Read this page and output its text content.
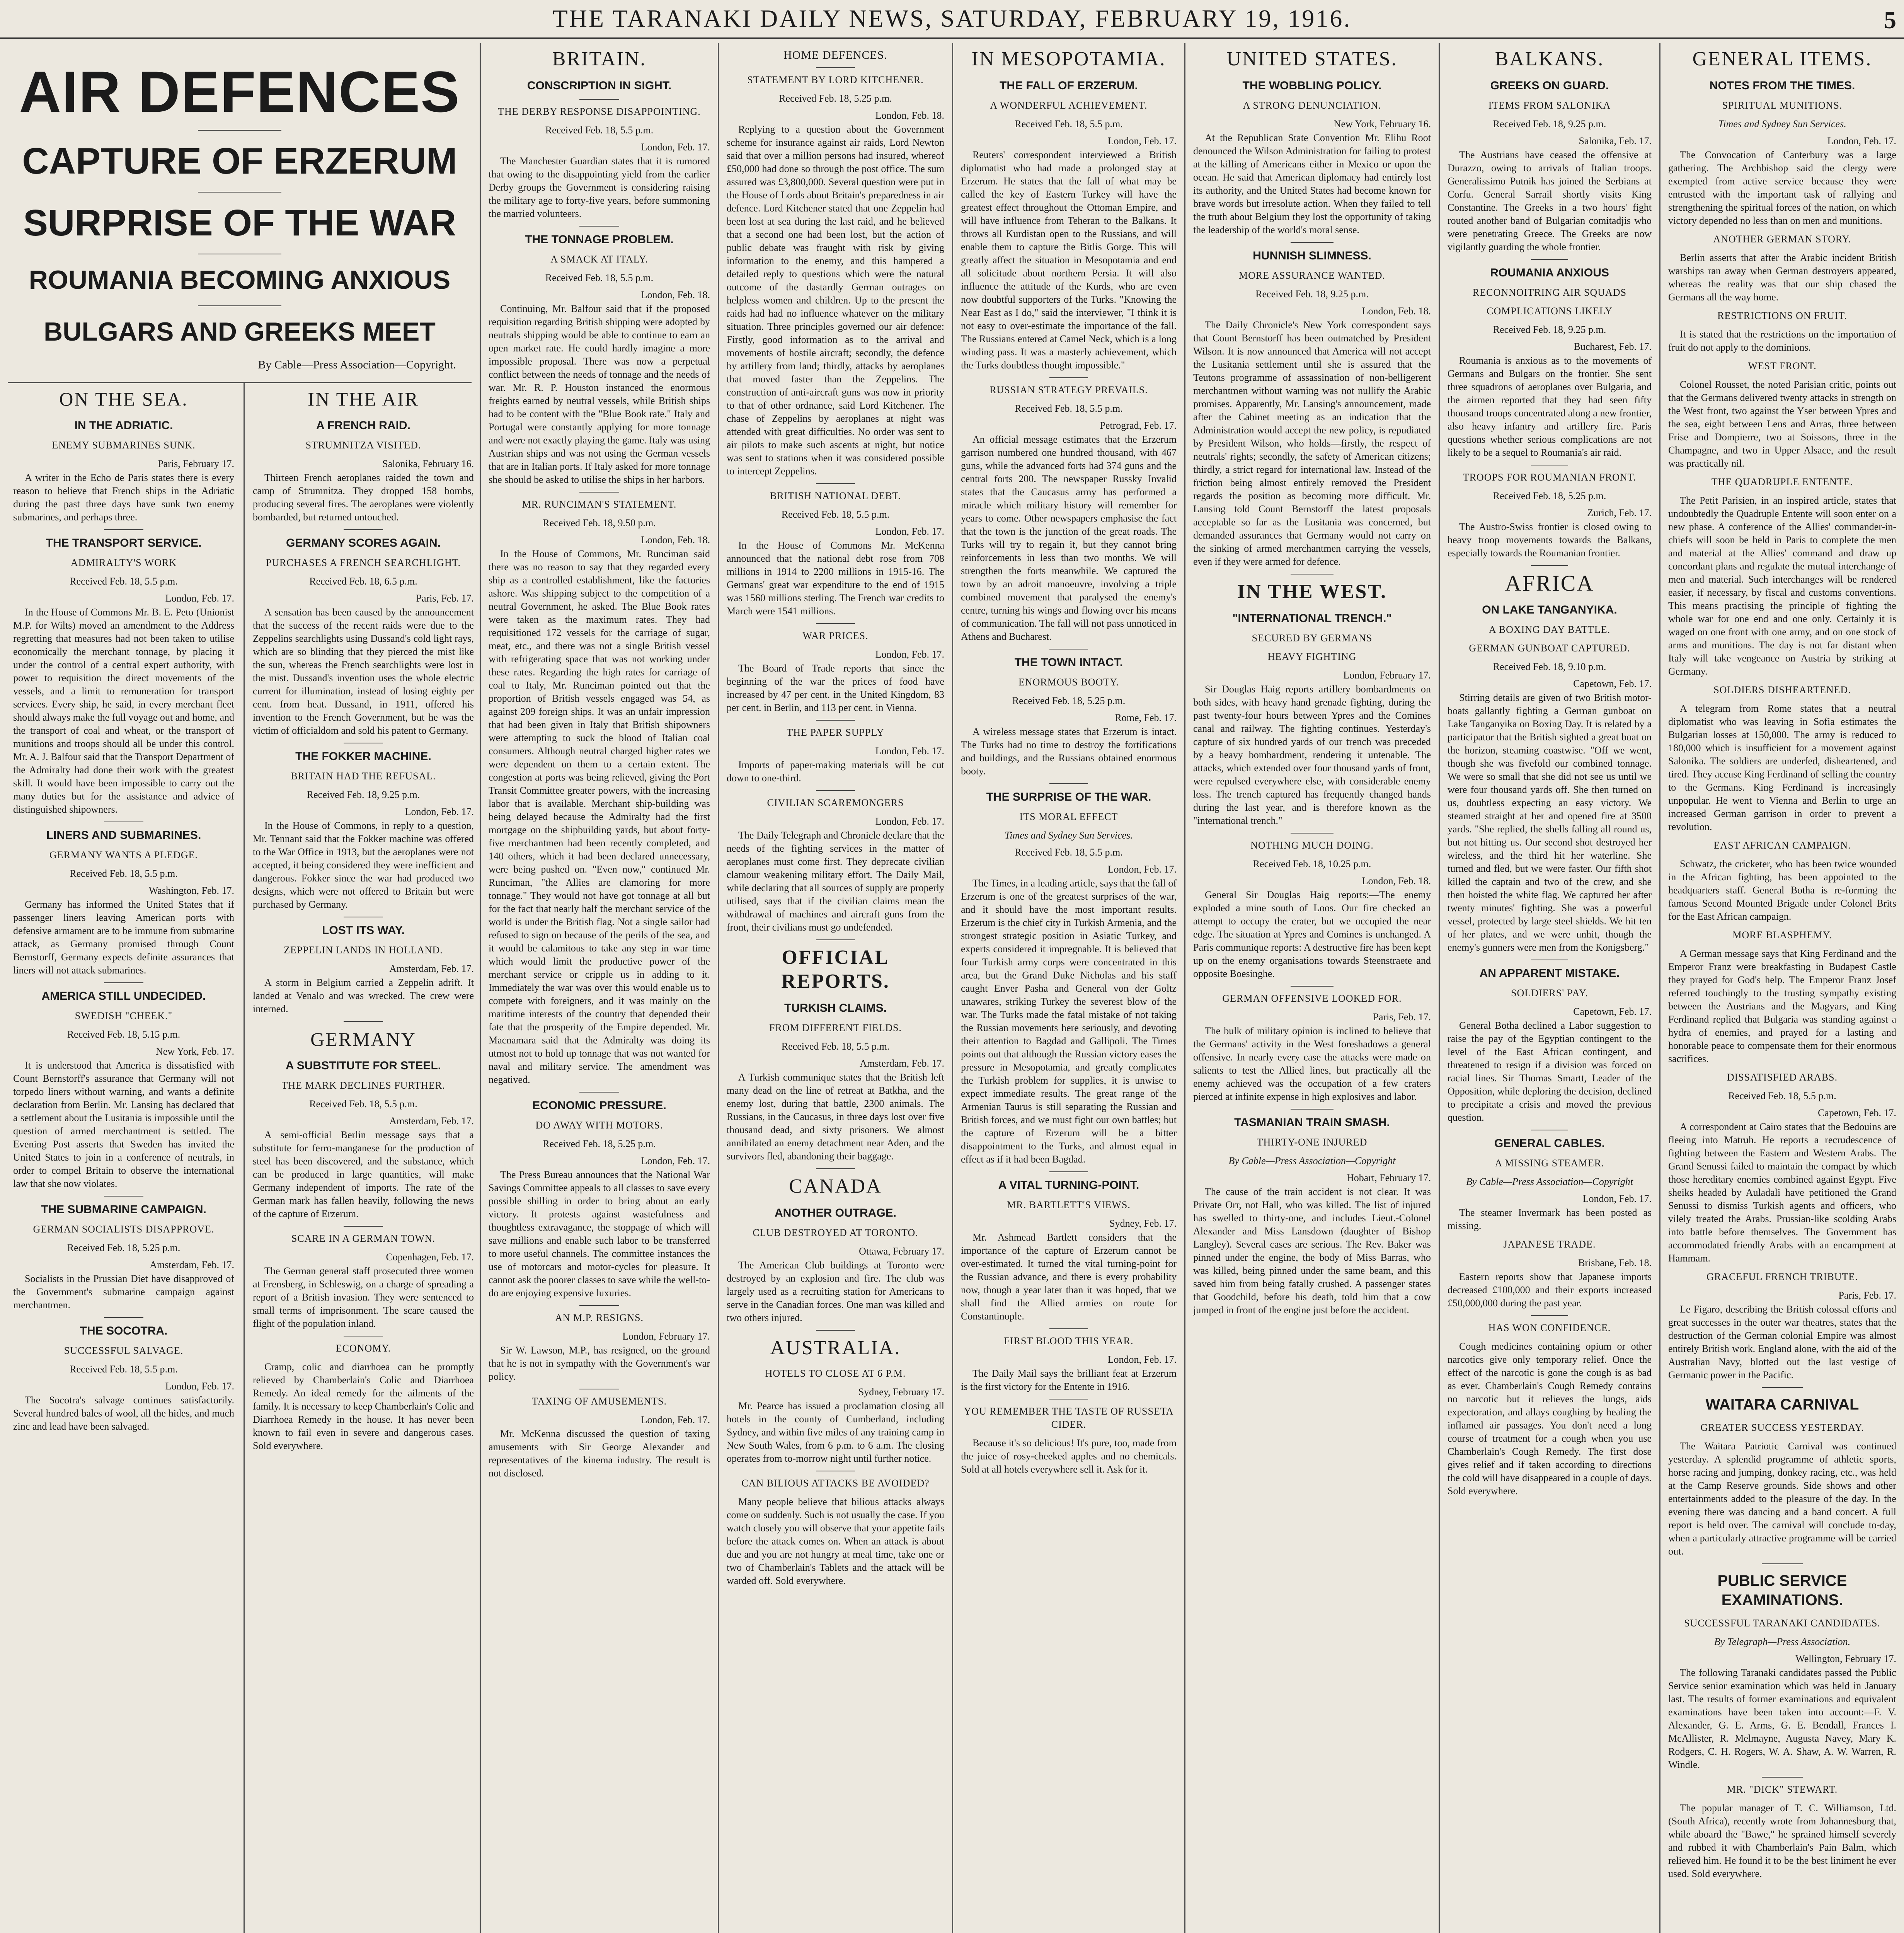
THE TARANAKI DAILY NEWS, SATURDAY, FEBRUARY 19, 1916.	5
AIR DEFENCES
CAPTURE OF ERZERUM
SURPRISE OF THE WAR
ROUMANIA BECOMING ANXIOUS
BULGARS AND GREEKS MEET
By Cable—Press Association—Copyright.
ON THE SEA.
IN THE ADRIATIC.
ENEMY SUBMARINES SUNK.
Paris, February 17.

A writer in the Echo de Paris states there is every reason to believe that French ships in the Adriatic during the past three days have sunk two enemy submarines, and perhaps three.

THE TRANSPORT SERVICE.
ADMIRALTY'S WORK
Received Feb. 18, 5.5 p.m.
London, Feb. 17.

In the House of Commons Mr. B. E. Peto (Unionist M.P. for Wilts) moved an amendment to the Address regretting that measures had not been taken to utilise economically the merchant tonnage, by placing it under the control of a central expert authority, with power to requisition the direct movements of the vessels, and a limit to remuneration for transport services. Every ship, he said, in every merchant fleet should always make the full voyage out and home, and the transport of coal and wheat, or the transport of munitions and troops should all be under this control. Mr. A. J. Balfour said that the Transport Department of the Admiralty had done their work with the greatest skill. It would have been impossible to carry out the many duties but for the assistance and advice of distinguished shipowners.

LINERS AND SUBMARINES.
GERMANY WANTS A PLEDGE.
Received Feb. 18, 5.5 p.m.
Washington, Feb. 17.

Germany has informed the United States that if passenger liners leaving American ports with defensive armament are to be immune from submarine attack, as Germany promised through Count Bernstorff, Germany expects definite assurances that liners will not attack submarines.

AMERICA STILL UNDECIDED.
SWEDISH "CHEEK."
Received Feb. 18, 5.15 p.m.
New York, Feb. 17.

It is understood that America is dissatisfied with Count Bernstorff's assurance that Germany will not torpedo liners without warning, and wants a definite declaration from Berlin. Mr. Lansing has declared that a settlement about the Lusitania is impossible until the question of armed merchantment is settled. The Evening Post asserts that Sweden has invited the United States to join in a conference of neutrals, in order to compel Britain to observe the international law that she now violates.

THE SUBMARINE CAMPAIGN.
GERMAN SOCIALISTS DISAPPROVE.
Received Feb. 18, 5.25 p.m.
Amsterdam, Feb. 17.

Socialists in the Prussian Diet have disapproved of the Government's submarine campaign against merchantmen.

THE SOCOTRA.
SUCCESSFUL SALVAGE.
Received Feb. 18, 5.5 p.m.
London, Feb. 17.

The Socotra's salvage continues satisfactorily. Several hundred bales of wool, all the hides, and much zinc and lead have been salvaged.

IN THE AIR
A FRENCH RAID.
STRUMNITZA VISITED.
Salonika, February 16.

Thirteen French aeroplanes raided the town and camp of Strumnitza. They dropped 158 bombs, producing several fires. The aeroplanes were violently bombarded, but returned untouched.

GERMANY SCORES AGAIN.
PURCHASES A FRENCH SEARCHLIGHT.
Received Feb. 18, 6.5 p.m.
Paris, Feb. 17.

A sensation has been caused by the announcement that the success of the recent raids were due to the Zeppelins searchlights using Dussand's cold light rays, which are so blinding that they pierced the mist like the sun, whereas the French searchlights were lost in the mist. Dussand's invention uses the whole electric current for illumination, instead of losing eighty per cent. from heat. Dussand, in 1911, offered his invention to the French Government, but he was the victim of officialdom and sold his patent to Germany.

THE FOKKER MACHINE.
BRITAIN HAD THE REFUSAL.
Received Feb. 18, 9.25 p.m.
London, Feb. 17.

In the House of Commons, in reply to a question, Mr. Tennant said that the Fokker machine was offered to the War Office in 1913, but the aeroplanes were not accepted, it being considered they were inefficient and dangerous. Fokker since the war had produced two designs, which were not offered to Britain but were purchased by Germany.

LOST ITS WAY.
ZEPPELIN LANDS IN HOLLAND.
Amsterdam, Feb. 17.

A storm in Belgium carried a Zeppelin adrift. It landed at Venalo and was wrecked. The crew were interned.

GERMANY
A SUBSTITUTE FOR STEEL.
THE MARK DECLINES FURTHER.
Received Feb. 18, 5.5 p.m.
Amsterdam, Feb. 17.

A semi-official Berlin message says that a substitute for ferro-manganese for the production of steel has been discovered, and the substance, which can be produced in large quantities, will make Germany independent of imports. The rate of the German mark has fallen heavily, following the news of the capture of Erzerum.

SCARE IN A GERMAN TOWN.
Copenhagen, Feb. 17.

The German general staff prosecuted three women at Frensberg, in Schleswig, on a charge of spreading a report of a British invasion. They were sentenced to small terms of imprisonment. The scare caused the flight of the population inland.

ECONOMY.

Cramp, colic and diarrhoea can be promptly relieved by Chamberlain's Colic and Diarrhoea Remedy. An ideal remedy for the ailments of the family. It is necessary to keep Chamberlain's Colic and Diarrhoea Remedy in the house. It has never been known to fail even in severe and dangerous cases. Sold everywhere.

BRITAIN.
CONSCRIPTION IN SIGHT.
THE DERBY RESPONSE DISAPPOINTING.
Received Feb. 18, 5.5 p.m.
London, Feb. 17.

The Manchester Guardian states that it is rumored that owing to the disappointing yield from the earlier Derby groups the Government is considering raising the military age to forty-five years, before summoning the married volunteers.

THE TONNAGE PROBLEM.
A SMACK AT ITALY.
Received Feb. 18, 5.5 p.m.
London, Feb. 18.

Continuing, Mr. Balfour said that if the proposed requisition regarding British shipping were adopted by neutrals shipping would be able to continue to earn an open market rate. He could hardly imagine a more impossible proposal. There was now a perpetual conflict between the needs of tonnage and the needs of war. Mr. R. P. Houston instanced the enormous freights earned by neutral vessels, while British ships had to be content with the "Blue Book rate." Italy and Portugal were constantly applying for more tonnage and were not exactly playing the game. Italy was using Austrian ships and was not using the German vessels that are in Italian ports. If Italy asked for more tonnage she should be asked to utilise the ships in her harbors.

MR. RUNCIMAN'S STATEMENT.
Received Feb. 18, 9.50 p.m.
London, Feb. 18.

In the House of Commons, Mr. Runciman said there was no reason to say that they regarded every ship as a controlled establishment, like the factories ashore. Was shipping subject to the competition of a neutral Government, he asked. The Blue Book rates were taken as the maximum rates. They had requisitioned 172 vessels for the carriage of sugar, meat, etc., and there was not a single British vessel with refrigerating space that was not working under these rates. Regarding the high rates for carriage of coal to Italy, Mr. Runciman pointed out that the proportion of British vessels engaged was 54, as against 209 foreign ships. It was an unfair impression that had been given in Italy that British shipowners were attempting to suck the blood of Italian coal consumers. Although neutral charged higher rates we were dependent on them to a certain extent. The congestion at ports was being relieved, giving the Port Transit Committee greater powers, with the increasing labor that is available. Merchant ship-building was being delayed because the Admiralty had the first mortgage on the shipbuilding yards, but about forty-five merchantmen had been recently completed, and 140 others, which it had been declared unnecessary, were being pushed on. "Even now," continued Mr. Runciman, "the Allies are clamoring for more tonnage." They would not have got tonnage at all but for the fact that nearly half the merchant service of the world is under the British flag. Not a single sailor had refused to sign on because of the perils of the sea, and it would be calamitous to take any step in war time which would limit the productive power of the merchant service or cripple us in adding to it. Immediately the war was over this would enable us to compete with foreigners, and it was mainly on the maritime interests of the country that depended their fate that the prosperity of the Empire depended. Mr. Macnamara said that the Admiralty was doing its utmost not to hold up tonnage that was not wanted for naval and military service. The amendment was negatived.

ECONOMIC PRESSURE.
DO AWAY WITH MOTORS.
Received Feb. 18, 5.25 p.m.
London, Feb. 17.

The Press Bureau announces that the National War Savings Committee appeals to all classes to save every possible shilling in order to bring about an early victory. It protests against wastefulness and thoughtless extravagance, the stoppage of which will save millions and enable such labor to be transferred to more useful channels. The committee instances the use of motorcars and motor-cycles for pleasure. It cannot ask the poorer classes to save while the well-to-do are enjoying expensive luxuries.

AN M.P. RESIGNS.
London, February 17.

Sir W. Lawson, M.P., has resigned, on the ground that he is not in sympathy with the Government's war policy.

TAXING OF AMUSEMENTS.
London, Feb. 17.

Mr. McKenna discussed the question of taxing amusements with Sir George Alexander and representatives of the kinema industry. The result is not disclosed.

HOME DEFENCES.
STATEMENT BY LORD KITCHENER.
Received Feb. 18, 5.25 p.m.
London, Feb. 18.

Replying to a question about the Government scheme for insurance against air raids, Lord Newton said that over a million persons had insured, whereof £50,000 had done so through the post office. The sum assured was £3,800,000. Several question were put in the House of Lords about Britain's preparedness in air defence. Lord Kitchener stated that one Zeppelin had been lost at sea during the last raid, and he believed that a second one had been lost, but the action of public debate was fraught with risk by giving information to the enemy, and this hampered a detailed reply to questions which were the natural outcome of the dastardly German outrages on helpless women and children. Up to the present the raids had had no influence whatever on the military situation. Three principles governed our air defence: Firstly, good information as to the arrival and movements of hostile aircraft; secondly, the defence by artillery from land; thirdly, attacks by aeroplanes that moved faster than the Zeppelins. The construction of anti-aircraft guns was now in priority to that of other ordnance, said Lord Kitchener. The chase of Zeppelins by aeroplanes at night was attended with great difficulties. No order was sent to air pilots to make such ascents at night, but notice was sent to stations when it was considered possible to intercept Zeppelins.

BRITISH NATIONAL DEBT.
Received Feb. 18, 5.5 p.m.
London, Feb. 17.

In the House of Commons Mr. McKenna announced that the national debt rose from 708 millions in 1914 to 2200 millions in 1915-16. The Germans' great war expenditure to the end of 1915 was 1560 millions sterling. The French war credits to March were 1541 millions.

WAR PRICES.
London, Feb. 17.

The Board of Trade reports that since the beginning of the war the prices of food have increased by 47 per cent. in the United Kingdom, 83 per cent. in Berlin, and 113 per cent. in Vienna.

THE PAPER SUPPLY
London, Feb. 17.

Imports of paper-making materials will be cut down to one-third.

CIVILIAN SCAREMONGERS
London, Feb. 17.

The Daily Telegraph and Chronicle declare that the needs of the fighting services in the matter of aeroplanes must come first. They deprecate civilian clamour weakening military effort. The Daily Mail, while declaring that all sources of supply are properly utilised, says that if the civilian claims mean the withdrawal of machines and aircraft guns from the front, their civilians must go undefended.

OFFICIAL REPORTS.
TURKISH CLAIMS.
FROM DIFFERENT FIELDS.
Received Feb. 18, 5.5 p.m.
Amsterdam, Feb. 17.

A Turkish communique states that the British left many dead on the line of retreat at Batkha, and the enemy lost, during that battle, 2300 animals. The Russians, in the Caucasus, in three days lost over five thousand dead, and sixty prisoners. We almost annihilated an enemy detachment near Aden, and the survivors fled, abandoning their baggage.

CANADA
ANOTHER OUTRAGE.
CLUB DESTROYED AT TORONTO.
Ottawa, February 17.

The American Club buildings at Toronto were destroyed by an explosion and fire. The club was largely used as a recruiting station for Americans to serve in the Canadian forces. One man was killed and two others injured.

AUSTRALIA.
HOTELS TO CLOSE AT 6 P.M.
Sydney, February 17.

Mr. Pearce has issued a proclamation closing all hotels in the county of Cumberland, including Sydney, and within five miles of any training camp in New South Wales, from 6 p.m. to 6 a.m. The closing operates from to-morrow night until further notice.

CAN BILIOUS ATTACKS BE AVOIDED?

Many people believe that bilious attacks always come on suddenly. Such is not usually the case. If you watch closely you will observe that your appetite fails before the attack comes on. When an attack is about due and you are not hungry at meal time, take one or two of Chamberlain's Tablets and the attack will be warded off. Sold everywhere.

IN MESOPOTAMIA.
THE FALL OF ERZERUM.
A WONDERFUL ACHIEVEMENT.
Received Feb. 18, 5.5 p.m.
London, Feb. 17.

Reuters' correspondent interviewed a British diplomatist who had made a prolonged stay at Erzerum. He states that the fall of what may be called the key of Eastern Turkey will have the greatest effect throughout the Ottoman Empire, and will have influence from Teheran to the Balkans. It throws all Kurdistan open to the Russians, and will enable them to capture the Bitlis Gorge. This will greatly affect the situation in Mesopotamia and end all solicitude about northern Persia. It will also influence the attitude of the Kurds, who are even now doubtful supporters of the Turks. "Knowing the Near East as I do," said the interviewer, "I think it is not easy to over-estimate the importance of the fall. The Russians entered at Camel Neck, which is a long winding pass. It was a masterly achievement, which the Turks doubtless thought impossible."

RUSSIAN STRATEGY PREVAILS.
Received Feb. 18, 5.5 p.m.
Petrograd, Feb. 17.

An official message estimates that the Erzerum garrison numbered one hundred thousand, with 467 guns, while the advanced forts had 374 guns and the central forts 200. The newspaper Russky Invalid states that the Caucasus army has performed a miracle which military history will remember for years to come. Other newspapers emphasise the fact that the town is the junction of the great roads. The Turks will try to regain it, but they cannot bring reinforcements in less than two months. We will strengthen the forts meanwhile. We captured the town by an adroit manoeuvre, involving a triple combined movement that paralysed the enemy's centre, turning his wings and flowing over his means of communication. The fall will not pass unnoticed in Athens and Bucharest.

THE TOWN INTACT.
ENORMOUS BOOTY.
Received Feb. 18, 5.25 p.m.
Rome, Feb. 17.

A wireless message states that Erzerum is intact. The Turks had no time to destroy the fortifications and buildings, and the Russians obtained enormous booty.

THE SURPRISE OF THE WAR.
ITS MORAL EFFECT
Times and Sydney Sun Services.
Received Feb. 18, 5.5 p.m.
London, Feb. 17.

The Times, in a leading article, says that the fall of Erzerum is one of the greatest surprises of the war, and it should have the most important results. Erzerum is the chief city in Turkish Armenia, and the strongest strategic position in Asiatic Turkey, and experts considered it impregnable. It is believed that four Turkish army corps were concentrated in this area, but the Grand Duke Nicholas and his staff caught Enver Pasha and General von der Goltz unawares, striking Turkey the severest blow of the war. The Turks made the fatal mistake of not taking the Russian movements here seriously, and devoting their attention to Bagdad and Gallipoli. The Times points out that although the Russian victory eases the pressure in Mesopotamia, and greatly complicates the Turkish problem for supplies, it is unwise to expect immediate results. The great range of the Armenian Taurus is still separating the Russian and British forces, and we must fight our own battles; but the capture of Erzerum will be a bitter disappointment to the Turks, and almost equal in effect as if it had been Bagdad.

A VITAL TURNING-POINT.
MR. BARTLETT'S VIEWS.
Sydney, Feb. 17.

Mr. Ashmead Bartlett considers that the importance of the capture of Erzerum cannot be over-estimated. It turned the vital turning-point for the Russian advance, and there is every probability now, though a year later than it was hoped, that we shall find the Allied armies on route for Constantinople.

FIRST BLOOD THIS YEAR.
London, Feb. 17.

The Daily Mail says the brilliant feat at Erzerum is the first victory for the Entente in 1916.

YOU REMEMBER THE TASTE OF RUSSETA CIDER.

Because it's so delicious! It's pure, too, made from the juice of rosy-cheeked apples and no chemicals. Sold at all hotels everywhere sell it. Ask for it.

UNITED STATES.
THE WOBBLING POLICY.
A STRONG DENUNCIATION.
New York, February 16.

At the Republican State Convention Mr. Elihu Root denounced the Wilson Administration for failing to protest at the killing of Americans either in Mexico or upon the ocean. He said that American diplomacy had entirely lost its authority, and the United States had become known for brave words but irresolute action. When they failed to tell the truth about Belgium they lost the opportunity of taking the leadership of the world's moral sense.

HUNNISH SLIMNESS.
MORE ASSURANCE WANTED.
Received Feb. 18, 9.25 p.m.
London, Feb. 18.

The Daily Chronicle's New York correspondent says that Count Bernstorff has been outmatched by President Wilson. It is now announced that America will not accept the Lusitania settlement until she is assured that the Teutons programme of assassination of non-belligerent merchantmen without warning was not nullify the Arabic promises. Apparently, Mr. Lansing's announcement, made after the Cabinet meeting as an indication that the Administration would accept the new policy, is repudiated by President Wilson, who holds—firstly, the respect of neutrals' rights; secondly, the safety of American citizens; thirdly, a strict regard for international law. Instead of the friction being almost entirely removed the President regards the position as becoming more difficult. Mr. Lansing told Count Bernstorff the latest proposals acceptable so far as the Lusitania was concerned, but demanded assurances that Germany would not carry on the sinking of armed merchantmen carrying the vessels, even if they were armed for defence.

IN THE WEST.
"INTERNATIONAL TRENCH."
SECURED BY GERMANS
HEAVY FIGHTING
London, February 17.

Sir Douglas Haig reports artillery bombardments on both sides, with heavy hand grenade fighting, during the past twenty-four hours between Ypres and the Comines canal and railway. The fighting continues. Yesterday's capture of six hundred yards of our trench was preceded by a heavy bombardment, rendering it untenable. The attacks, which extended over four thousand yards of front, were repulsed everywhere else, with considerable enemy loss. The trench captured has frequently changed hands during the last year, and is therefore known as the "international trench."

NOTHING MUCH DOING.
Received Feb. 18, 10.25 p.m.
London, Feb. 18.

General Sir Douglas Haig reports:—The enemy exploded a mine south of Loos. Our fire checked an attempt to occupy the crater, but we occupied the near edge. The situation at Ypres and Comines is unchanged. A Paris communique reports: A destructive fire has been kept up on the enemy organisations towards Steenstraete and opposite Boesinghe.

GERMAN OFFENSIVE LOOKED FOR.
Paris, Feb. 17.

The bulk of military opinion is inclined to believe that the Germans' activity in the West foreshadows a general offensive. In nearly every case the attacks were made on salients to test the Allied lines, but practically all the enemy achieved was the occupation of a few craters pierced at infinite expense in high explosives and labor.

TASMANIAN TRAIN SMASH.
THIRTY-ONE INJURED
By Cable—Press Association—Copyright
Hobart, February 17.

The cause of the train accident is not clear. It was Private Orr, not Hall, who was killed. The list of injured has swelled to thirty-one, and includes Lieut.-Colonel Alexander and Miss Lansdown (daughter of Bishop Langley). Several cases are serious. The Rev. Baker was pinned under the engine, the body of Miss Barras, who was killed, being pinned under the same beam, and this saved him from being fatally crushed. A passenger states that Goodchild, before his death, told him that a cow jumped in front of the engine just before the accident.

BALKANS.
GREEKS ON GUARD.
ITEMS FROM SALONIKA
Received Feb. 18, 9.25 p.m.
Salonika, Feb. 17.

The Austrians have ceased the offensive at Durazzo, owing to arrivals of Italian troops. Generalissimo Putnik has joined the Serbians at Corfu. General Sarrail shortly visits King Constantine. The Greeks in a two hours' fight routed another band of Bulgarian comitadjis who were penetrating Greece. The Greeks are now vigilantly guarding the whole frontier.

ROUMANIA ANXIOUS
RECONNOITRING AIR SQUADS
COMPLICATIONS LIKELY
Received Feb. 18, 9.25 p.m.
Bucharest, Feb. 17.

Roumania is anxious as to the movements of Germans and Bulgars on the frontier. She sent three squadrons of aeroplanes over Bulgaria, and the airmen reported that they had seen fifty thousand troops concentrated along a new frontier, also heavy infantry and artillery fire. Paris questions whether serious complications are not likely to be a sequel to Roumania's air raid.

TROOPS FOR ROUMANIAN FRONT.
Received Feb. 18, 5.25 p.m.
Zurich, Feb. 17.

The Austro-Swiss frontier is closed owing to heavy troop movements towards the Balkans, especially towards the Roumanian frontier.

AFRICA
ON LAKE TANGANYIKA.
A BOXING DAY BATTLE.
GERMAN GUNBOAT CAPTURED.
Received Feb. 18, 9.10 p.m.
Capetown, Feb. 17.

Stirring details are given of two British motor-boats gallantly fighting a German gunboat on Lake Tanganyika on Boxing Day. It is related by a participator that the British sighted a great boat on the horizon, steaming coastwise. "Off we went, though she was fivefold our combined tonnage. We were so small that she did not see us until we were four thousand yards off. She then turned on us, doubtless expecting an easy victory. We steamed straight at her and opened fire at 3500 yards. "She replied, the shells falling all round us, but not hitting us. Our second shot destroyed her wireless, and the third hit her waterline. She turned and fled, but we were faster. Our fifth shot killed the captain and two of the crew, and she then hoisted the white flag. We captured her after twenty minutes' fighting. She was a powerful vessel, protected by large steel shields. We hit ten of her plates, and we were unhit, though the enemy's gunners were men from the Konigsberg."

AN APPARENT MISTAKE.
SOLDIERS' PAY.
Capetown, Feb. 17.

General Botha declined a Labor suggestion to raise the pay of the Egyptian contingent to the level of the East African contingent, and threatened to resign if a division was forced on racial lines. Sir Thomas Smartt, Leader of the Opposition, while deploring the decision, declined to precipitate a crisis and moved the previous question.

GENERAL CABLES.
A MISSING STEAMER.
By Cable—Press Association—Copyright
London, Feb. 17.

The steamer Invermark has been posted as missing.

JAPANESE TRADE.
Brisbane, Feb. 18.

Eastern reports show that Japanese imports decreased £100,000 and their exports increased £50,000,000 during the past year.

HAS WON CONFIDENCE.

Cough medicines containing opium or other narcotics give only temporary relief. Once the effect of the narcotic is gone the cough is as bad as ever. Chamberlain's Cough Remedy contains no narcotic but it relieves the lungs, aids expectoration, and allays coughing by healing the inflamed air passages. You don't need a long course of treatment for a cough when you use Chamberlain's Cough Remedy. The first dose gives relief and if taken according to directions the cold will have disappeared in a couple of days. Sold everywhere.

GENERAL ITEMS.
NOTES FROM THE TIMES.
SPIRITUAL MUNITIONS.
Times and Sydney Sun Services.
London, Feb. 17.

The Convocation of Canterbury was a large gathering. The Archbishop said the clergy were exempted from active service because they were entrusted with the important task of rallying and strengthening the spiritual forces of the nation, on which victory depended no less than on men and munitions.

ANOTHER GERMAN STORY.

Berlin asserts that after the Arabic incident British warships ran away when German destroyers appeared, whereas the reality was that our ship chased the Germans all the way home.

RESTRICTIONS ON FRUIT.

It is stated that the restrictions on the importation of fruit do not apply to the dominions.

WEST FRONT.

Colonel Rousset, the noted Parisian critic, points out that the Germans delivered twenty attacks in strength on the West front, two against the Yser between Ypres and the sea, eight between Lens and Arras, three between Frise and Dompierre, two at Soissons, three in the Champagne, and two in Upper Alsace, and the result was practically nil.

THE QUADRUPLE ENTENTE.

The Petit Parisien, in an inspired article, states that undoubtedly the Quadruple Entente will soon enter on a new phase. A conference of the Allies' commander-in-chiefs will soon be held in Paris to complete the men and material at the Allies' command and draw up concordant plans and regulate the mutual interchange of men and material. Such interchanges will be rendered easier, if necessary, by fiscal and customs conventions. This means practising the principle of fighting the whole war for one end and one only. Certainly it is waged on one front with one army, and on one stock of arms and munitions. The day is not far distant when Italy will take vengeance on Austria by striking at Germany.

SOLDIERS DISHEARTENED.

A telegram from Rome states that a neutral diplomatist who was leaving in Sofia estimates the Bulgarian losses at 150,000. The army is reduced to 180,000 which is insufficient for a movement against Salonika. The soldiers are underfed, disheartened, and tired. They accuse King Ferdinand of selling the country to the Germans. King Ferdinand is increasingly unpopular. He went to Vienna and Berlin to urge an increased German garrison in order to prevent a revolution.

EAST AFRICAN CAMPAIGN.

Schwatz, the cricketer, who has been twice wounded in the African fighting, has been appointed to the headquarters staff. General Botha is re-forming the famous Second Mounted Brigade under Colonel Brits for the East African campaign.

MORE BLASPHEMY.

A German message says that King Ferdinand and the Emperor Franz were breakfasting in Budapest Castle they prayed for God's help. The Emperor Franz Josef referred touchingly to the trusting sympathy existing between the Austrians and the Magyars, and King Ferdinand replied that Bulgaria was standing against a hydra of enemies, and prayed for a lasting and honorable peace to compensate them for their enormous sacrifices.

DISSATISFIED ARABS.
Received Feb. 18, 5.5 p.m.
Capetown, Feb. 17.

A correspondent at Cairo states that the Bedouins are fleeing into Matruh. He reports a recrudescence of fighting between the Eastern and Western Arabs. The Grand Senussi failed to maintain the compact by which those hereditary enemies combined against Egypt. Five sheiks headed by Auladali have petitioned the Grand Senussi to dismiss Turkish agents and officers, who vilely treated the Arabs. Prussian-like scolding Arabs into battle before themselves. The Government has accommodated friendly Arabs with an encampment at Hammam.

GRACEFUL FRENCH TRIBUTE.
Paris, Feb. 17.

Le Figaro, describing the British colossal efforts and great successes in the outer war theatres, states that the destruction of the German colonial Empire was almost entirely British work. England alone, with the aid of the Australian Navy, blotted out the last vestige of Germanic power in the Pacific.

WAITARA CARNIVAL
GREATER SUCCESS YESTERDAY.

The Waitara Patriotic Carnival was continued yesterday. A splendid programme of athletic sports, horse racing and jumping, donkey racing, etc., was held at the Camp Reserve grounds. Side shows and other entertainments added to the pleasure of the day. In the evening there was dancing and a band concert. A full report is held over. The carnival will conclude to-day, when a particularly attractive programme will be carried out.

PUBLIC SERVICE EXAMINATIONS.
SUCCESSFUL TARANAKI CANDIDATES.
By Telegraph—Press Association.
Wellington, February 17.

The following Taranaki candidates passed the Public Service senior examination which was held in January last. The results of former examinations and equivalent examinations have been taken into account:—F. V. Alexander, G. E. Arms, G. E. Bendall, Frances I. McAllister, R. Melmayne, Augusta Navey, Mary K. Rodgers, C. H. Rogers, W. A. Shaw, A. W. Warren, R. Windle.

MR. "DICK" STEWART.

The popular manager of T. C. Williamson, Ltd. (South Africa), recently wrote from Johannesburg that, while aboard the "Bawe," he sprained himself severely and rubbed it with Chamberlain's Pain Balm, which relieved him. He found it to be the best liniment he ever used. Sold everywhere.
